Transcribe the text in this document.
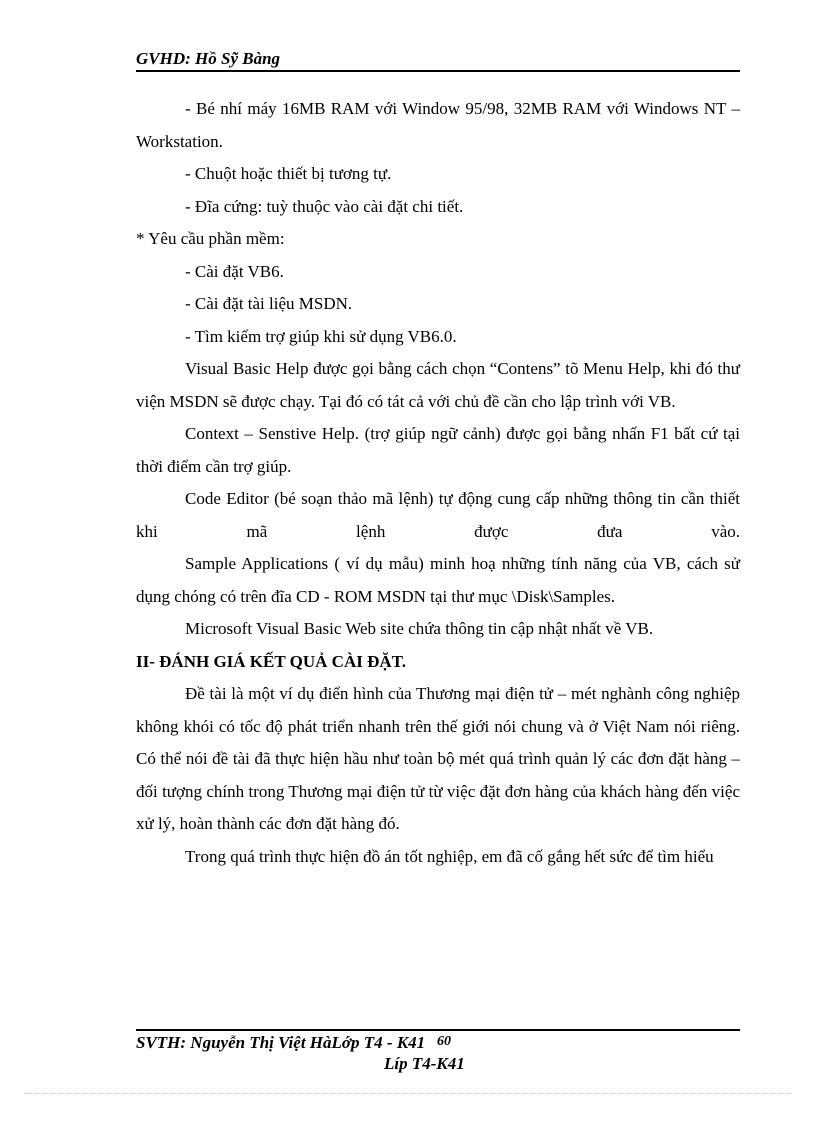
GVHD: Hồ Sỹ Bàng

- Bé nhí máy 16MB RAM với Window 95/98, 32MB RAM với Windows NT – Workstation.

- Chuột hoặc thiết bị tương tự.

- Đĩa cứng: tuỳ thuộc vào cài đặt chi tiết.

* Yêu cầu phần mềm:

- Cài đặt VB6.

- Cài đặt tài liệu MSDN.

- Tìm kiếm trợ giúp khi sử dụng VB6.0.

Visual Basic Help được gọi bằng cách chọn “Contens” tõ Menu Help, khi đó thư viện MSDN sẽ được chạy. Tại đó có tát cả với chủ đề cần cho lập trình với VB.

Context – Senstive Help. (trợ giúp ngữ cảnh) được gọi bằng nhấn F1 bất cứ tại thời điểm cần trợ giúp.

Code Editor (bé soạn thảo mã lệnh) tự động cung cấp những thông tin cần thiết khi mã lệnh được đưa vào.

Sample Applications ( ví dụ mẫu) minh hoạ những tính năng của VB, cách sử dụng chóng có trên đĩa CD - ROM MSDN tại thư mục \Disk\Samples.

Microsoft Visual Basic Web site chứa thông tin cập nhật nhất về VB.

II- ĐÁNH GIÁ KẾT QUẢ CÀI ĐẶT.

Đề tài là một ví dụ điển hình của Thương mại điện tử – mét nghành công nghiệp không khói có tốc độ phát triển nhanh trên thế giới nói chung và ở Việt Nam nói riêng. Có thể nói đề tài đã thực hiện hầu như toàn bộ mét quá trình quản lý các đơn đặt hàng – đối tượng chính trong Thương mại điện tử từ việc đặt đơn hàng của khách hàng đến việc xử lý, hoàn thành các đơn đặt hàng đó.

Trong quá trình thực hiện đồ án tốt nghiệp, em đã cố gắng hết sức để tìm hiểu

SVTH: Nguyễn Thị Việt HàLớp T4 - K41 60
Líp T4-K41
